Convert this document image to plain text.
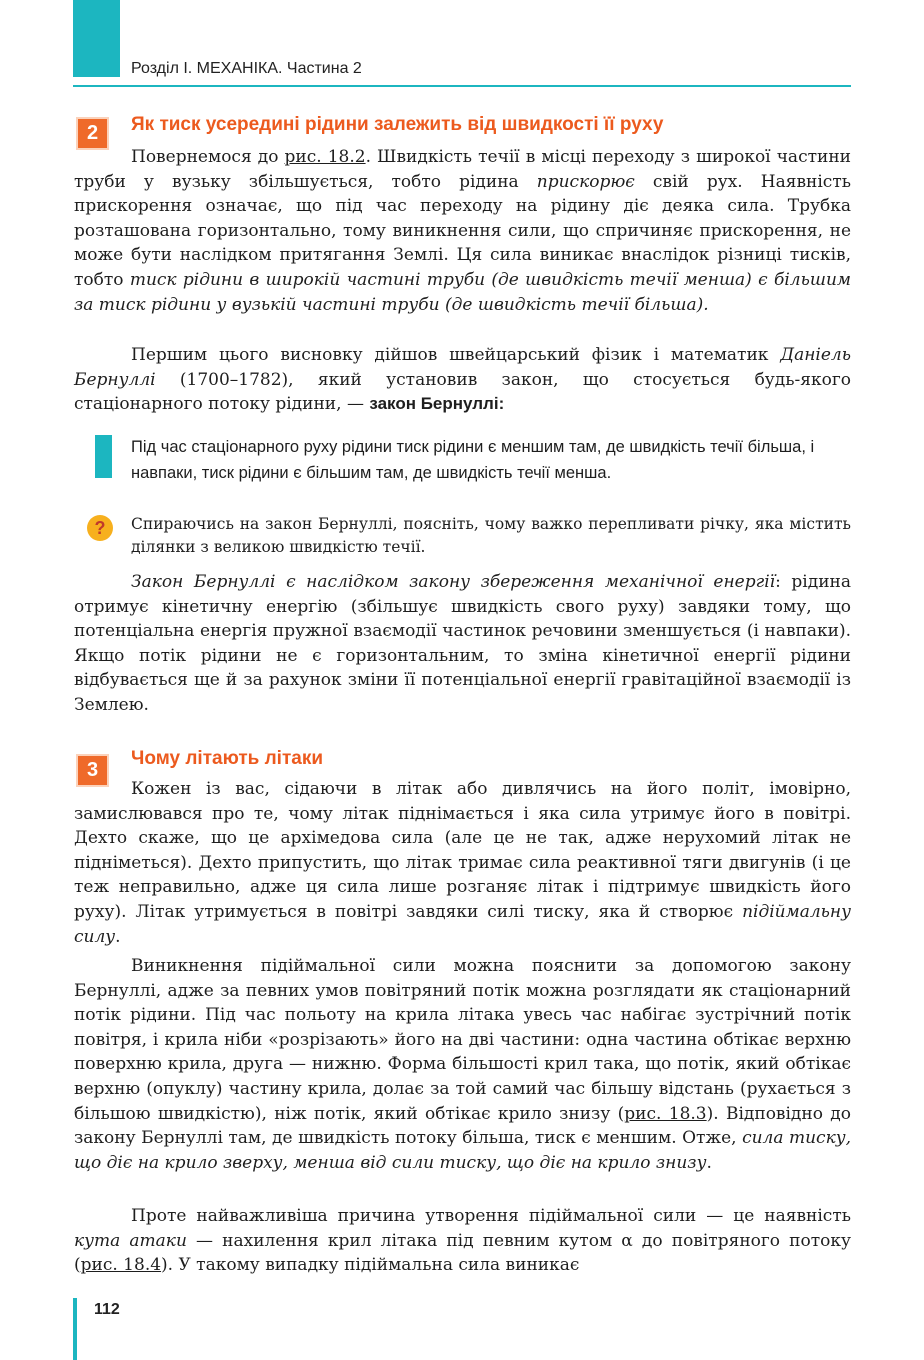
Розділ I. МЕХАНІКА. Частина 2
2	Як тиск усередині рідини залежить від швидкості її руху

Повернемося до рис. 18.2. Швидкість течії в місці переходу з широкої частини труби у вузьку збільшується, тобто рідина прискорює свій рух. Наявність прискорення означає, що під час переходу на рідину діє деяка сила. Трубка розташована горизонтально, тому виникнення сили, що спричиняє прискорення, не може бути наслідком притягання Землі. Ця сила виникає внаслідок різниці тисків, тобто тиск рідини в широкій частині труби (де швидкість течії менша) є більшим за тиск рідини у вузькій частині труби (де швидкість течії більша).

Першим цього висновку дійшов швейцарський фізик і математик Даніель Бернуллі (1700–1782), який установив закон, що стосується будь-якого стаціонарного потоку рідини, — закон Бернуллі:

Під час стаціонарного руху рідини тиск рідини є меншим там, де швидкість течії більша, і навпаки, тиск рідини є більшим там, де швидкість течії менша.

?	Спираючись на закон Бернуллі, поясніть, чому важко перепливати річку, яка містить ділянки з великою швидкістю течії.

Закон Бернуллі є наслідком закону збереження механічної енергії: рідина отримує кінетичну енергію (збільшує швидкість свого руху) завдяки тому, що потенціальна енергія пружної взаємодії частинок речовини зменшується (і навпаки). Якщо потік рідини не є горизонтальним, то зміна кінетичної енергії рідини відбувається ще й за рахунок зміни її потенціальної енергії гравітаційної взаємодії із Землею.

3
Чому літають літаки

Кожен із вас, сідаючи в літак або дивлячись на його політ, імовірно, замислювався про те, чому літак піднімається і яка сила утримує його в повітрі. Дехто скаже, що це архімедова сила (але це не так, адже нерухомий літак не підніметься). Дехто припустить, що літак тримає сила реактивної тяги двигунів (і це теж неправильно, адже ця сила лише розганяє літак і підтримує швидкість його руху). Літак утримується в повітрі завдяки силі тиску, яка й створює підіймальну силу.

Виникнення підіймальної сили можна пояснити за допомогою закону Бернуллі, адже за певних умов повітряний потік можна розглядати як стаціонарний потік рідини. Під час польоту на крила літака увесь час набігає зустрічний потік повітря, і крила ніби «розрізають» його на дві частини: одна частина обтікає верхню поверхню крила, друга — нижню. Форма більшості крил така, що потік, який обтікає верхню (опуклу) частину крила, долає за той самий час більшу відстань (рухається з більшою швидкістю), ніж потік, який обтікає крило знизу (рис. 18.3). Відповідно до закону Бернуллі там, де швидкість потоку більша, тиск є меншим. Отже, сила тиску, що діє на крило зверху, менша від сили тиску, що діє на крило знизу.

Проте найважливіша причина утворення підіймальної сили — це наявність кута атаки — нахилення крил літака під певним кутом α до повітряного потоку (рис. 18.4). У такому випадку підіймальна сила виникає

112
